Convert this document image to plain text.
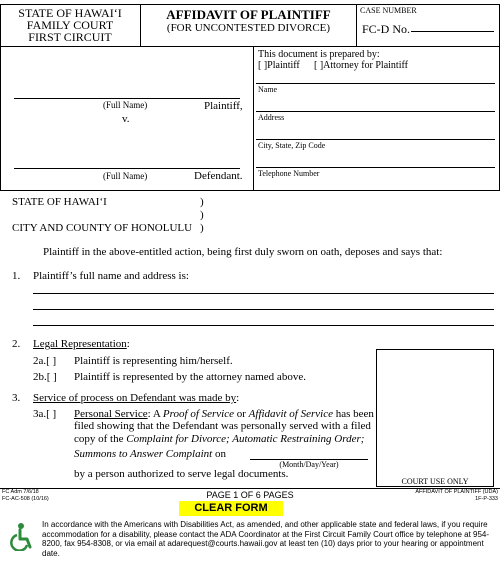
STATE OF HAWAI‘I
FAMILY COURT
FIRST CIRCUIT
AFFIDAVIT OF PLAINTIFF
(FOR UNCONTESTED DIVORCE)
CASE NUMBER
FC-D No.
(Full Name)	Plaintiff,
v.
(Full Name)	Defendant.
This document is prepared by:
[ ]Plaintiff [ ]Attorney for Plaintiff
Name
Address
City, State, Zip Code
Telephone Number
STATE OF HAWAI‘I	)
)
CITY AND COUNTY OF HONOLULU )
Plaintiff in the above-entitled action, being first duly sworn on oath, deposes and says that:
1. Plaintiff’s full name and address is:
COURT USE ONLY
2. Legal Representation:
2a.[ ] Plaintiff is representing him/herself.
2b.[ ] Plaintiff is represented by the attorney named above.
3. Service of process on Defendant was made by:
3a.[ ] Personal Service: A Proof of Service or Affidavit of Service has been
filed showing that the Defendant was personally served with a filed
copy of the Complaint for Divorce; Automatic Restraining Order;
Summons to Answer Complaint on
(Month/Day/Year)
by a person authorized to serve legal documents.
FC Adm 7/6/18
FC-AC-508 (10/16)	PAGE 1 OF 6 PAGES	AFFIDAVIT OF PLAINTIFF (UDA)
1F-P-333
CLEAR FORM
In accordance with the Americans with Disabilities Act, as amended, and other applicable state and federal laws, if you require accommodation for a disability, please contact the ADA Coordinator at the First Circuit Family Court office by telephone at 954-8200, fax 954-8308, or via email at adarequest@courts.hawaii.gov at least ten (10) days prior to your hearing or appointment date.
